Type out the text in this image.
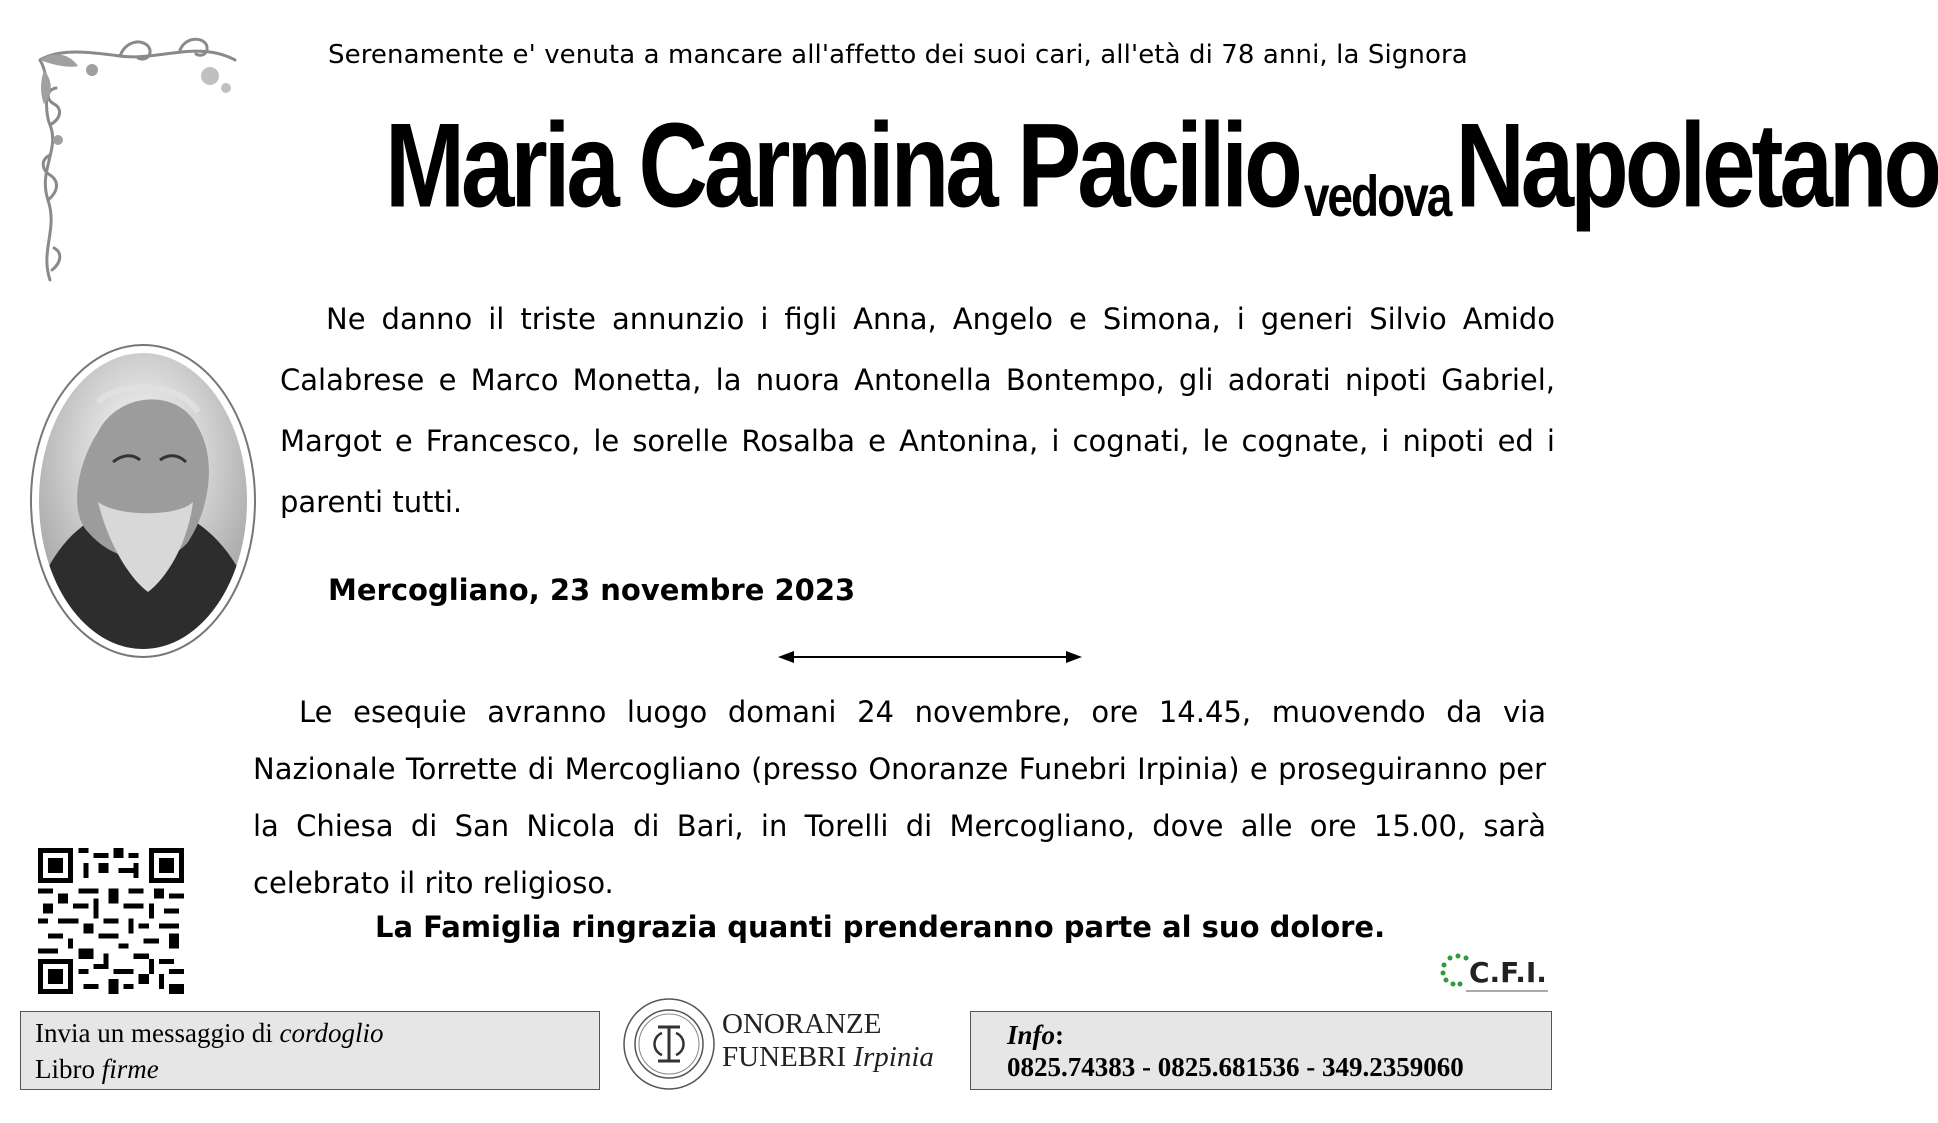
Serenamente e' venuta a mancare all'affetto dei suoi cari, all'età di 78 anni, la Signora
Maria Carmina Pacilio vedova Napoletano
Ne danno il triste annunzio i figli Anna, Angelo e Simona, i generi Silvio Amido Calabrese e Marco Monetta, la nuora Antonella Bontempo, gli adorati nipoti Gabriel, Margot e Francesco, le sorelle Rosalba e Antonina, i cognati, le cognate, i nipoti ed i parenti tutti.
Mercogliano, 23 novembre 2023
Le esequie avranno luogo domani 24 novembre, ore 14.45, muovendo da via Nazionale Torrette di Mercogliano (presso Onoranze Funebri Irpinia) e proseguiranno per la Chiesa di San Nicola di Bari, in Torelli di Mercogliano, dove alle ore 15.00, sarà celebrato il rito religioso.
La Famiglia ringrazia quanti prenderanno parte al suo dolore.
C.F.I.
Invia un messaggio di cordoglio
Libro firme
ONORANZE
FUNEBRI Irpinia
Info:
0825.74383 - 0825.681536 - 349.2359060
